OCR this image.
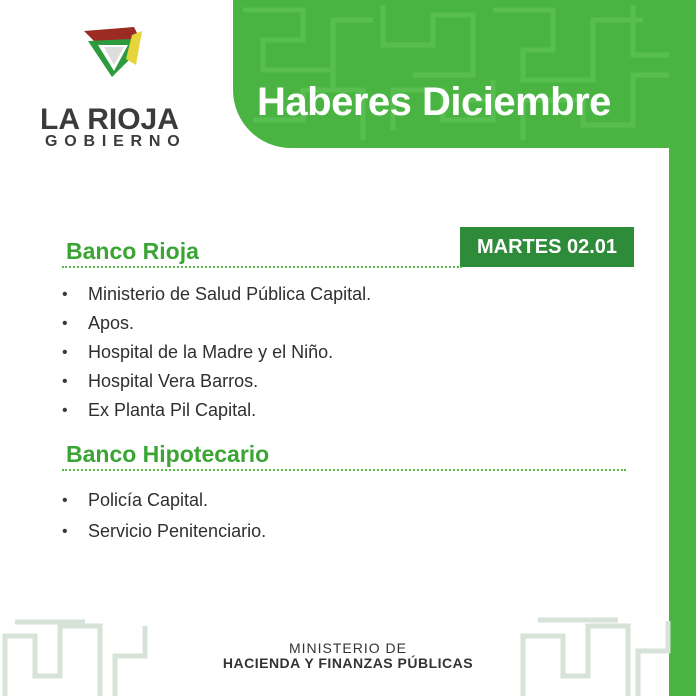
Haberes Diciembre
LA RIOJA
GOBIERNO
MARTES 02.01
Banco Rioja
•	Ministerio de Salud Pública Capital.
•	Apos.
•	Hospital de la Madre y el Niño.
•	Hospital Vera Barros.
•	Ex Planta Pil Capital.
Banco Hipotecario
•	Policía Capital.
•	Servicio Penitenciario.
MINISTERIO DE
HACIENDA Y FINANZAS PÚBLICAS
